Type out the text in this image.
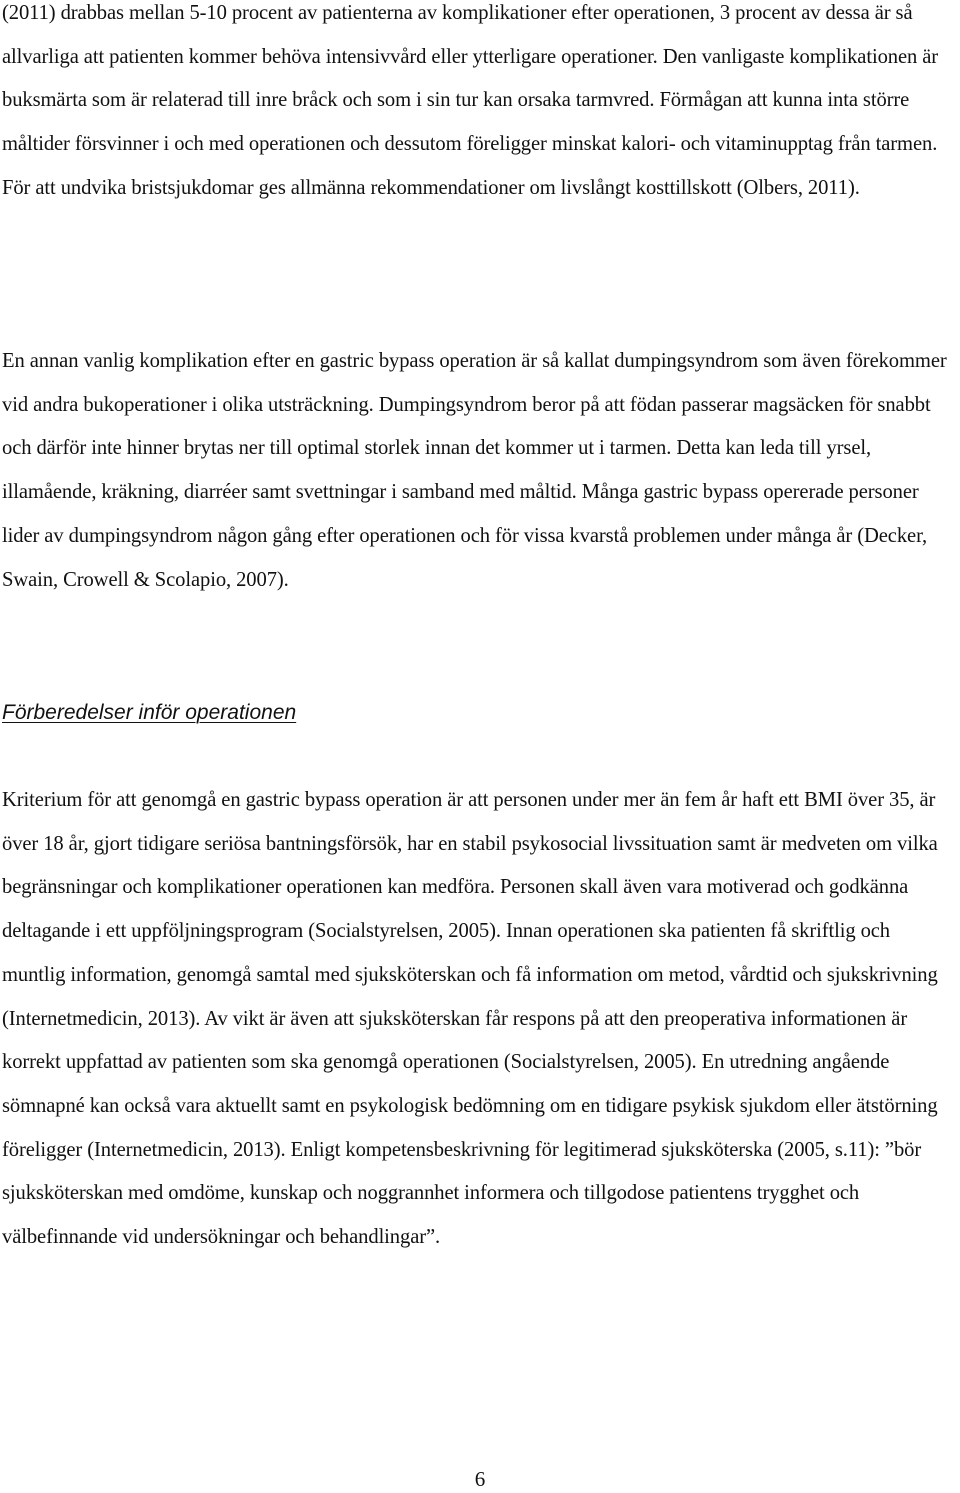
(2011) drabbas mellan 5-10 procent av patienterna av komplikationer efter operationen, 3 procent av dessa är så allvarliga att patienten kommer behöva intensivvård eller ytterligare operationer. Den vanligaste komplikationen är buksmärta som är relaterad till inre bråck och som i sin tur kan orsaka tarmvred. Förmågan att kunna inta större måltider försvinner i och med operationen och dessutom föreligger minskat kalori- och vitaminupptag från tarmen. För att undvika bristsjukdomar ges allmänna rekommendationer om livslångt kosttillskott (Olbers, 2011).

En annan vanlig komplikation efter en gastric bypass operation är så kallat dumpingsyndrom som även förekommer vid andra bukoperationer i olika utsträckning. Dumpingsyndrom beror på att födan passerar magsäcken för snabbt och därför inte hinner brytas ner till optimal storlek innan det kommer ut i tarmen. Detta kan leda till yrsel, illamående, kräkning, diarréer samt svettningar i samband med måltid. Många gastric bypass opererade personer lider av dumpingsyndrom någon gång efter operationen och för vissa kvarstå problemen under många år (Decker, Swain, Crowell & Scolapio, 2007).

Förberedelser inför operationen

Kriterium för att genomgå en gastric bypass operation är att personen under mer än fem år haft ett BMI över 35, är över 18 år, gjort tidigare seriösa bantningsförsök, har en stabil psykosocial livssituation samt är medveten om vilka begränsningar och komplikationer operationen kan medföra. Personen skall även vara motiverad och godkänna deltagande i ett uppföljningsprogram (Socialstyrelsen, 2005). Innan operationen ska patienten få skriftlig och muntlig information, genomgå samtal med sjuksköterskan och få information om metod, vårdtid och sjukskrivning (Internetmedicin, 2013). Av vikt är även att sjuksköterskan får respons på att den preoperativa informationen är korrekt uppfattad av patienten som ska genomgå operationen (Socialstyrelsen, 2005). En utredning angående sömnapné kan också vara aktuellt samt en psykologisk bedömning om en tidigare psykisk sjukdom eller ätstörning föreligger (Internetmedicin, 2013). Enligt kompetensbeskrivning för legitimerad sjuksköterska (2005, s.11): ”bör sjuksköterskan med omdöme, kunskap och noggrannhet informera och tillgodose patientens trygghet och välbefinnande vid undersökningar och behandlingar”.

6
